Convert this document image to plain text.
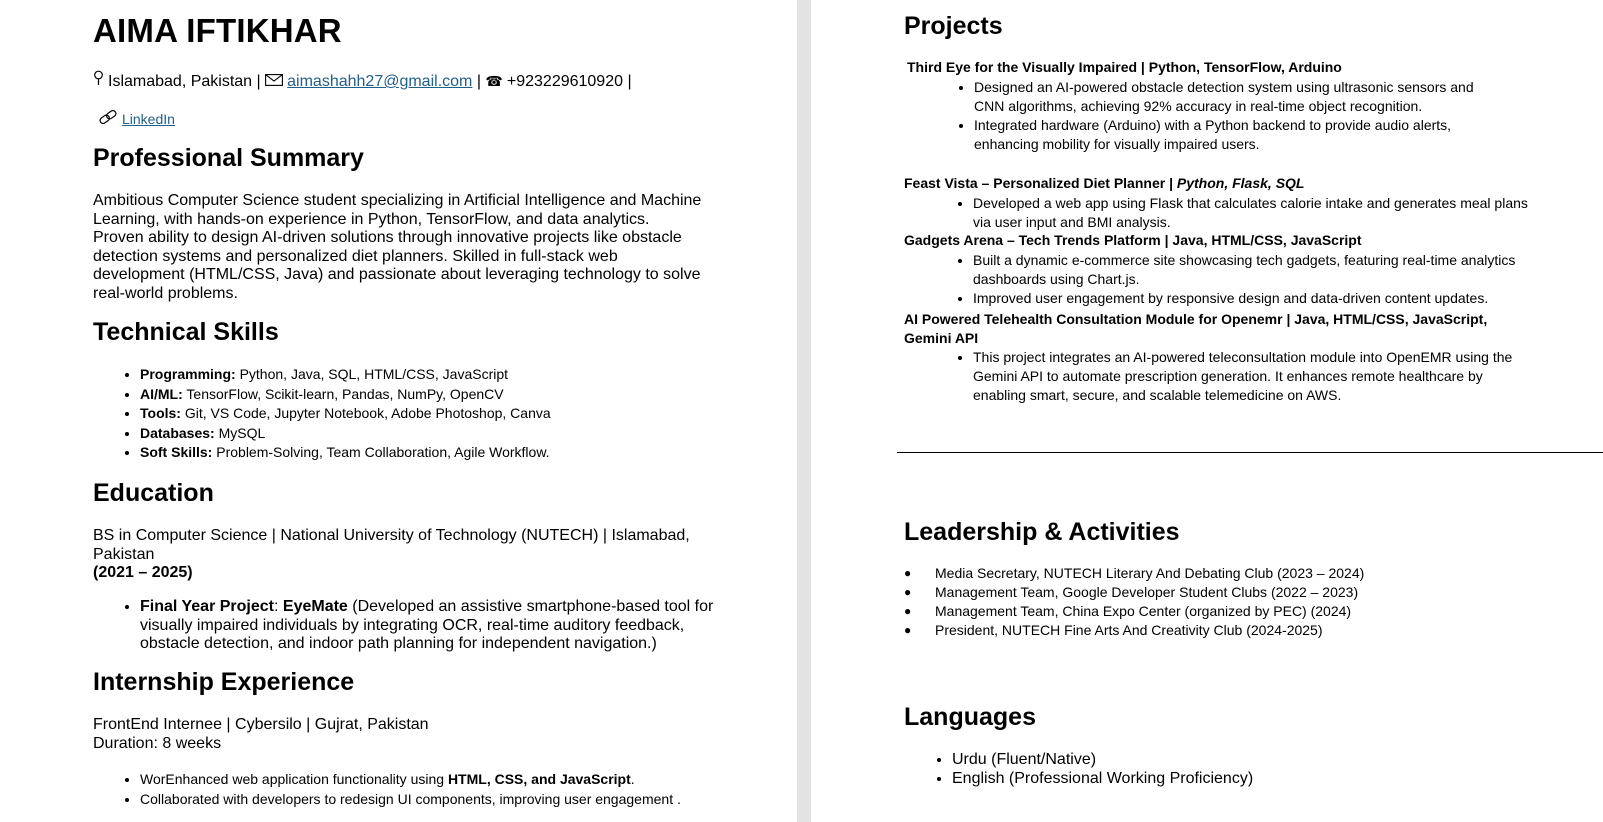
AIMA IFTIKHAR
Islamabad, Pakistan | aimashahh27@gmail.com | ☎ +923229610920 |
LinkedIn
Professional Summary

Ambitious Computer Science student specializing in Artificial Intelligence and Machine Learning, with hands-on experience in Python, TensorFlow, and data analytics. Proven ability to design AI-driven solutions through innovative projects like obstacle detection systems and personalized diet planners. Skilled in full-stack web development (HTML/CSS, Java) and passionate about leveraging technology to solve real-world problems.

Technical Skills
• Programming: Python, Java, SQL, HTML/CSS, JavaScript
• AI/ML: TensorFlow, Scikit-learn, Pandas, NumPy, OpenCV
• Tools: Git, VS Code, Jupyter Notebook, Adobe Photoshop, Canva
• Databases: MySQL
• Soft Skills: Problem-Solving, Team Collaboration, Agile Workflow.
Education
BS in Computer Science | National University of Technology (NUTECH) | Islamabad, Pakistan
(2021 – 2025)
• Final Year Project: EyeMate (Developed an assistive smartphone-based tool for visually impaired individuals by integrating OCR, real-time auditory feedback, obstacle detection, and indoor path planning for independent navigation.)
Internship Experience
FrontEnd Internee | Cybersilo | Gujrat, Pakistan
Duration: 8 weeks
• WorEnhanced web application functionality using HTML, CSS, and JavaScript.
• Collaborated with developers to redesign UI components, improving user engagement .
Projects
Third Eye for the Visually Impaired | Python, TensorFlow, Arduino
• Designed an AI-powered obstacle detection system using ultrasonic sensors and CNN algorithms, achieving 92% accuracy in real-time object recognition.
• Integrated hardware (Arduino) with a Python backend to provide audio alerts, enhancing mobility for visually impaired users.
Feast Vista – Personalized Diet Planner | Python, Flask, SQL
• Developed a web app using Flask that calculates calorie intake and generates meal plans via user input and BMI analysis.
Gadgets Arena – Tech Trends Platform | Java, HTML/CSS, JavaScript
• Built a dynamic e-commerce site showcasing tech gadgets, featuring real-time analytics dashboards using Chart.js.
• Improved user engagement by responsive design and data-driven content updates.
AI Powered Telehealth Consultation Module for Openemr | Java, HTML/CSS, JavaScript, Gemini API
• This project integrates an AI-powered teleconsultation module into OpenEMR using the Gemini API to automate prescription generation. It enhances remote healthcare by enabling smart, secure, and scalable telemedicine on AWS.
Leadership & Activities
● Media Secretary, NUTECH Literary And Debating Club (2023 – 2024)
● Management Team, Google Developer Student Clubs (2022 – 2023)
● Management Team, China Expo Center (organized by PEC) (2024)
● President, NUTECH Fine Arts And Creativity Club (2024-2025)
Languages
• Urdu (Fluent/Native)
• English (Professional Working Proficiency)
